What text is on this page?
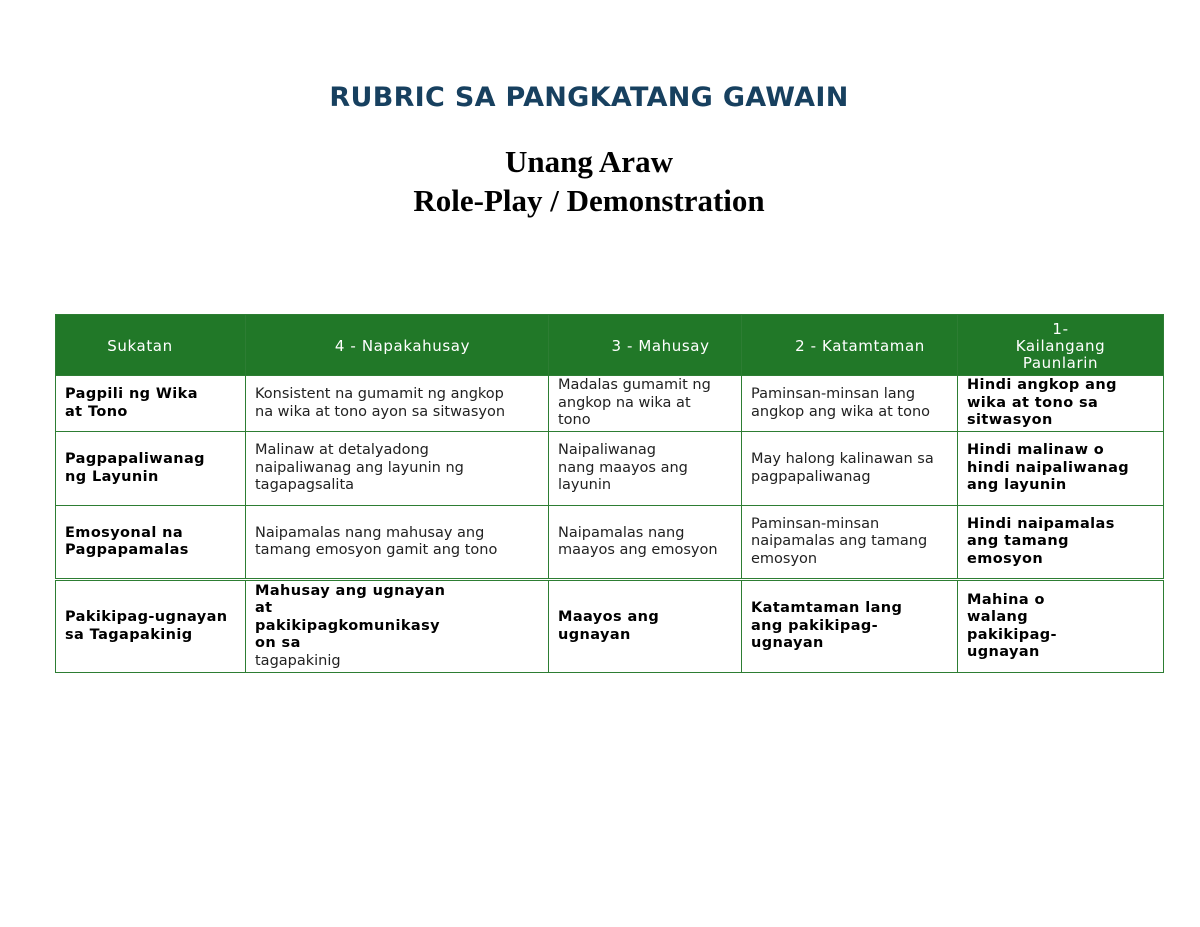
RUBRIC SA PANGKATANG GAWAIN
Unang Araw
Role-Play / Demonstration
Sukatan	4 - Napakahusay	3 - Mahusay	2 - Katamtaman	1-
Kailangang
Paunlarin

Pagpili ng Wika
at Tono	Konsistent na gumamit ng angkop
na wika at tono ayon sa sitwasyon	Madalas gumamit ng
angkop na wika at
tono	Paminsan-minsan lang
angkop ang wika at tono	Hindi angkop ang
wika at tono sa
sitwasyon

Pagpapaliwanag
ng Layunin	Malinaw at detalyadong
naipaliwanag ang layunin ng
tagapagsalita	Naipaliwanag
nang maayos ang
layunin	May halong kalinawan sa
pagpapaliwanag	Hindi malinaw o
hindi naipaliwanag
ang layunin

Emosyonal na
Pagpapamalas	Naipamalas nang mahusay ang
tamang emosyon gamit ang tono	Naipamalas nang
maayos ang emosyon	Paminsan-minsan
naipamalas ang tamang
emosyon	Hindi naipamalas
ang tamang
emosyon

Pakikipag-ugnayan
sa Tagapakinig	Mahusay ang ugnayan
at
pakikipagkomunikasy
on sa
tagapakinig	Maayos ang
ugnayan	Katamtaman lang
ang pakikipag-
ugnayan	Mahina o
walang
pakikipag-
ugnayan
